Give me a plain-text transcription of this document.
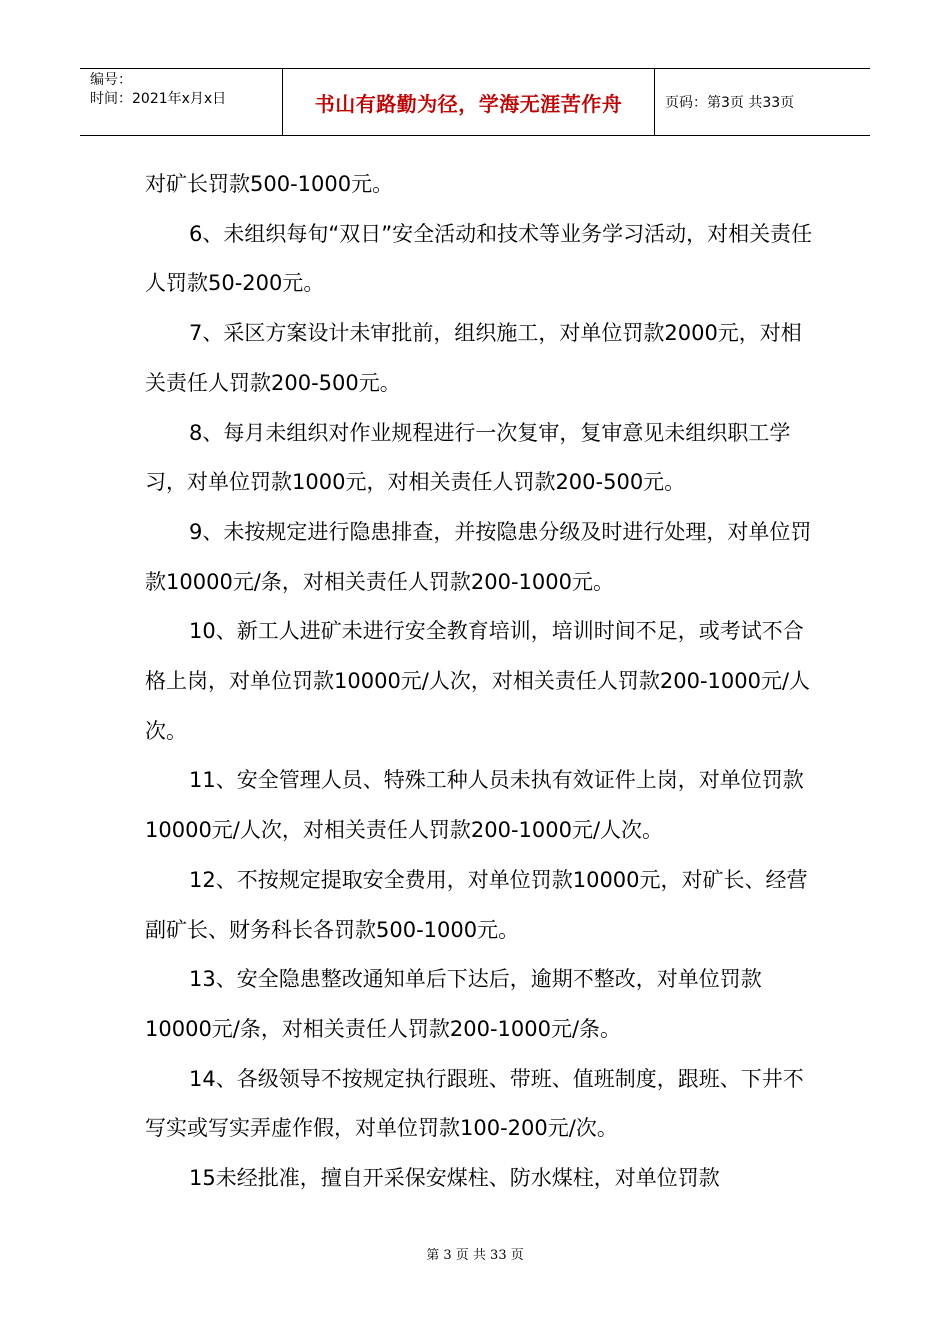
编号：
时间：2021年x月x日	书山有路勤为径，学海无涯苦作舟	页码：第3页 共33页

对矿长罚款500-1000元。

6、未组织每旬“双日”安全活动和技术等业务学习活动，对相关责任人罚款50-200元。

7、采区方案设计未审批前，组织施工，对单位罚款2000元，对相关责任人罚款200-500元。

8、每月未组织对作业规程进行一次复审，复审意见未组织职工学习，对单位罚款1000元，对相关责任人罚款200-500元。

9、未按规定进行隐患排查，并按隐患分级及时进行处理，对单位罚款10000元/条，对相关责任人罚款200-1000元。

10、新工人进矿未进行安全教育培训，培训时间不足，或考试不合格上岗，对单位罚款10000元/人次，对相关责任人罚款200-1000元/人次。

11、安全管理人员、特殊工种人员未执有效证件上岗，对单位罚款10000元/人次，对相关责任人罚款200-1000元/人次。

12、不按规定提取安全费用，对单位罚款10000元，对矿长、经营副矿长、财务科长各罚款500-1000元。

13、安全隐患整改通知单后下达后，逾期不整改，对单位罚款10000元/条，对相关责任人罚款200-1000元/条。

14、各级领导不按规定执行跟班、带班、值班制度，跟班、下井不写实或写实弄虚作假，对单位罚款100-200元/次。

15未经批准，擅自开采保安煤柱、防水煤柱，对单位罚款

第 3 页 共 33 页
